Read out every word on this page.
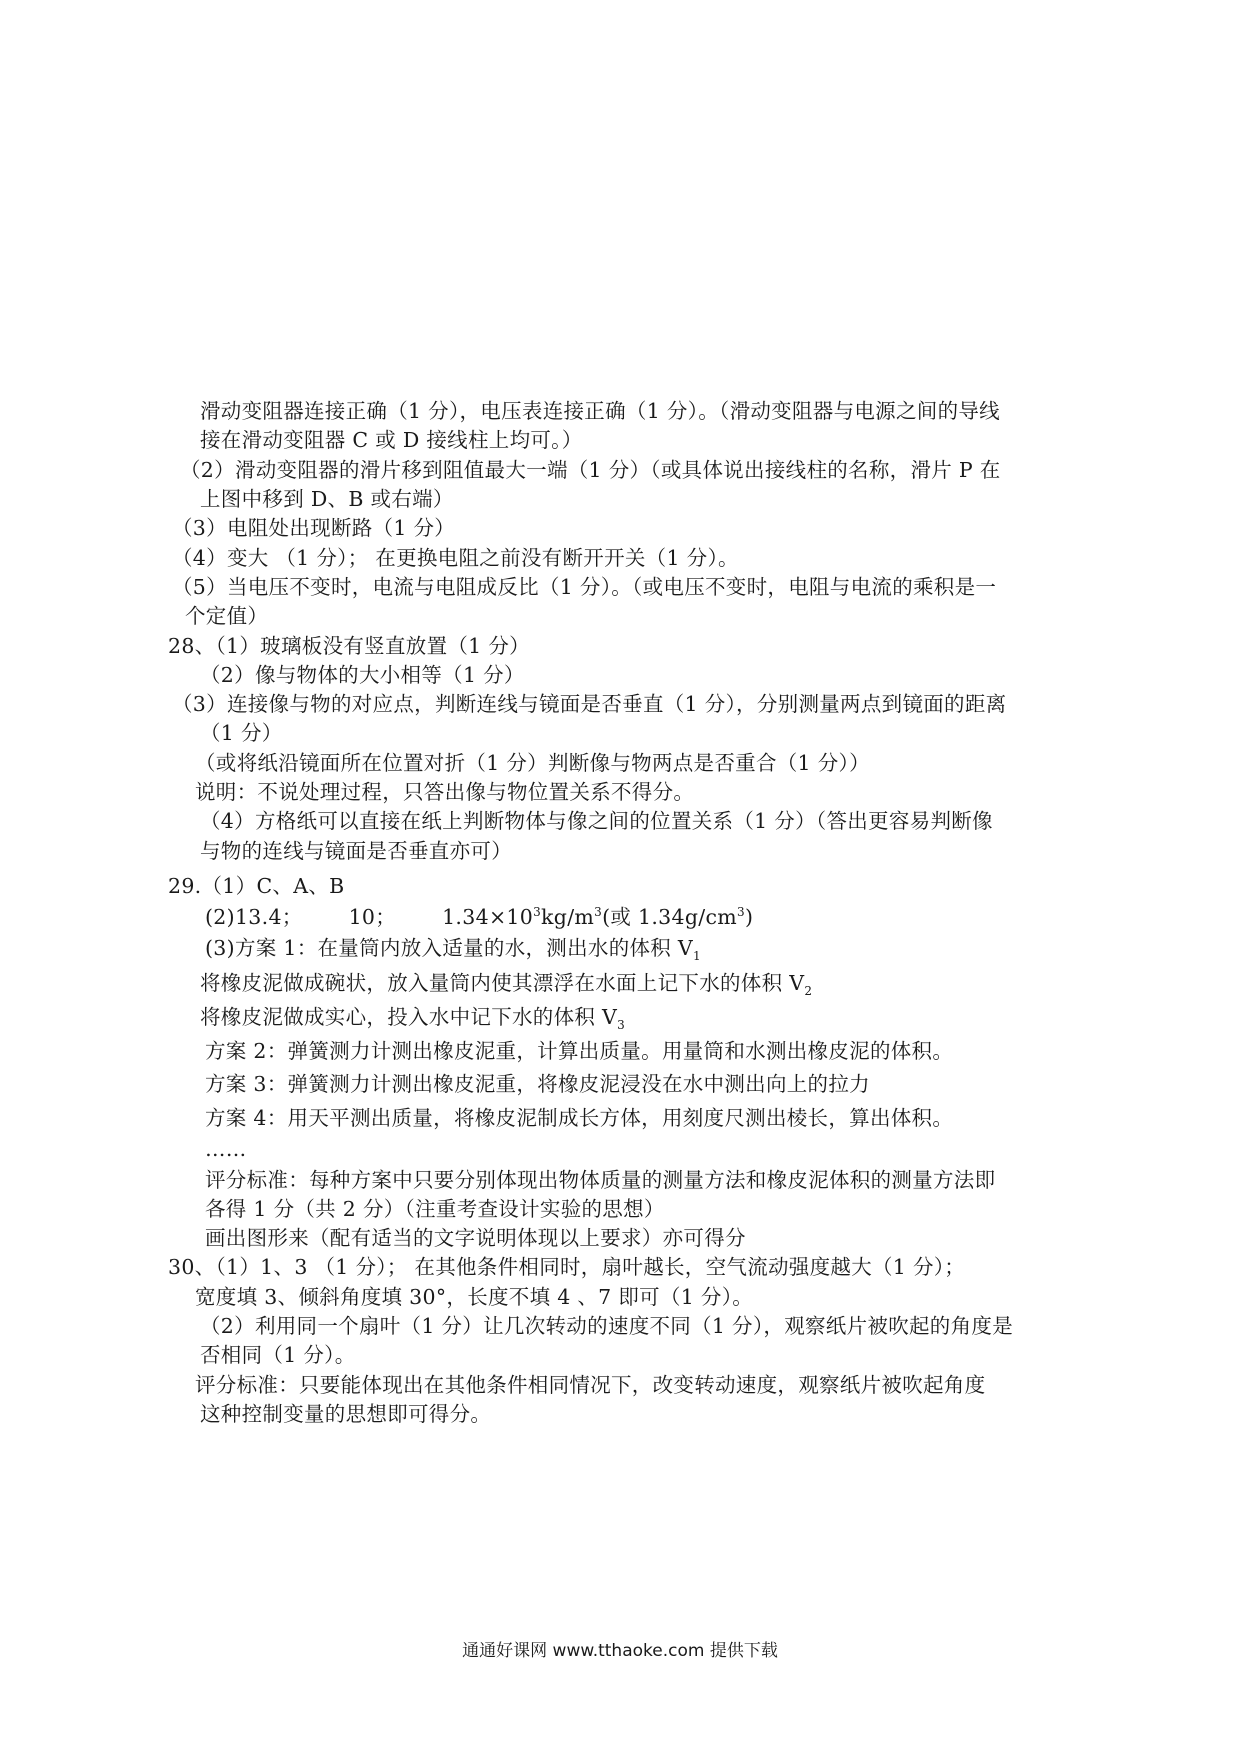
滑动变阻器连接正确（1 分），电压表连接正确（1 分）。（滑动变阻器与电源之间的导线
接在滑动变阻器 C 或 D 接线柱上均可。）
（2）滑动变阻器的滑片移到阻值最大一端（1 分）（或具体说出接线柱的名称，滑片 P 在
上图中移到 D、B 或右端）
（3）电阻处出现断路（1 分）
（4）变大 （1 分）； 在更换电阻之前没有断开开关（1 分）。
（5）当电压不变时，电流与电阻成反比（1 分）。（或电压不变时，电阻与电流的乘积是一
个定值）
28、（1）玻璃板没有竖直放置（1 分）
（2）像与物体的大小相等（1 分）
（3）连接像与物的对应点，判断连线与镜面是否垂直（1 分），分别测量两点到镜面的距离
（1 分）
（或将纸沿镜面所在位置对折（1 分）判断像与物两点是否重合（1 分））
说明：不说处理过程，只答出像与物位置关系不得分。
（4）方格纸可以直接在纸上判断物体与像之间的位置关系（1 分）（答出更容易判断像
与物的连线与镜面是否垂直亦可）
29.（1）C、A、B
(2)13.4； 10； $1.34\times 10^3kg/m^3$(或 $1.34g/cm^3$)
(3)方案 1：在量筒内放入适量的水，测出水的体积 $V_1$
将橡皮泥做成碗状，放入量筒内使其漂浮在水面上记下水的体积 $V_2$
将橡皮泥做成实心，投入水中记下水的体积 $V_3$
方案 2：弹簧测力计测出橡皮泥重，计算出质量。用量筒和水测出橡皮泥的体积。
方案 3：弹簧测力计测出橡皮泥重，将橡皮泥浸没在水中测出向上的拉力
方案 4：用天平测出质量，将橡皮泥制成长方体，用刻度尺测出棱长，算出体积。
……
评分标准：每种方案中只要分别体现出物体质量的测量方法和橡皮泥体积的测量方法即
各得 1 分（共 2 分）（注重考查设计实验的思想）
画出图形来（配有适当的文字说明体现以上要求）亦可得分
30、（1）1、3 （1 分）； 在其他条件相同时，扇叶越长，空气流动强度越大（1 分）；
宽度填 3、倾斜角度填 30°，长度不填 4 、7 即可（1 分）。
（2）利用同一个扇叶（1 分）让几次转动的速度不同（1 分），观察纸片被吹起的角度是
否相同（1 分）。
评分标准：只要能体现出在其他条件相同情况下，改变转动速度，观察纸片被吹起角度
这种控制变量的思想即可得分。
通通好课网 www.tthaoke.com 提供下载
